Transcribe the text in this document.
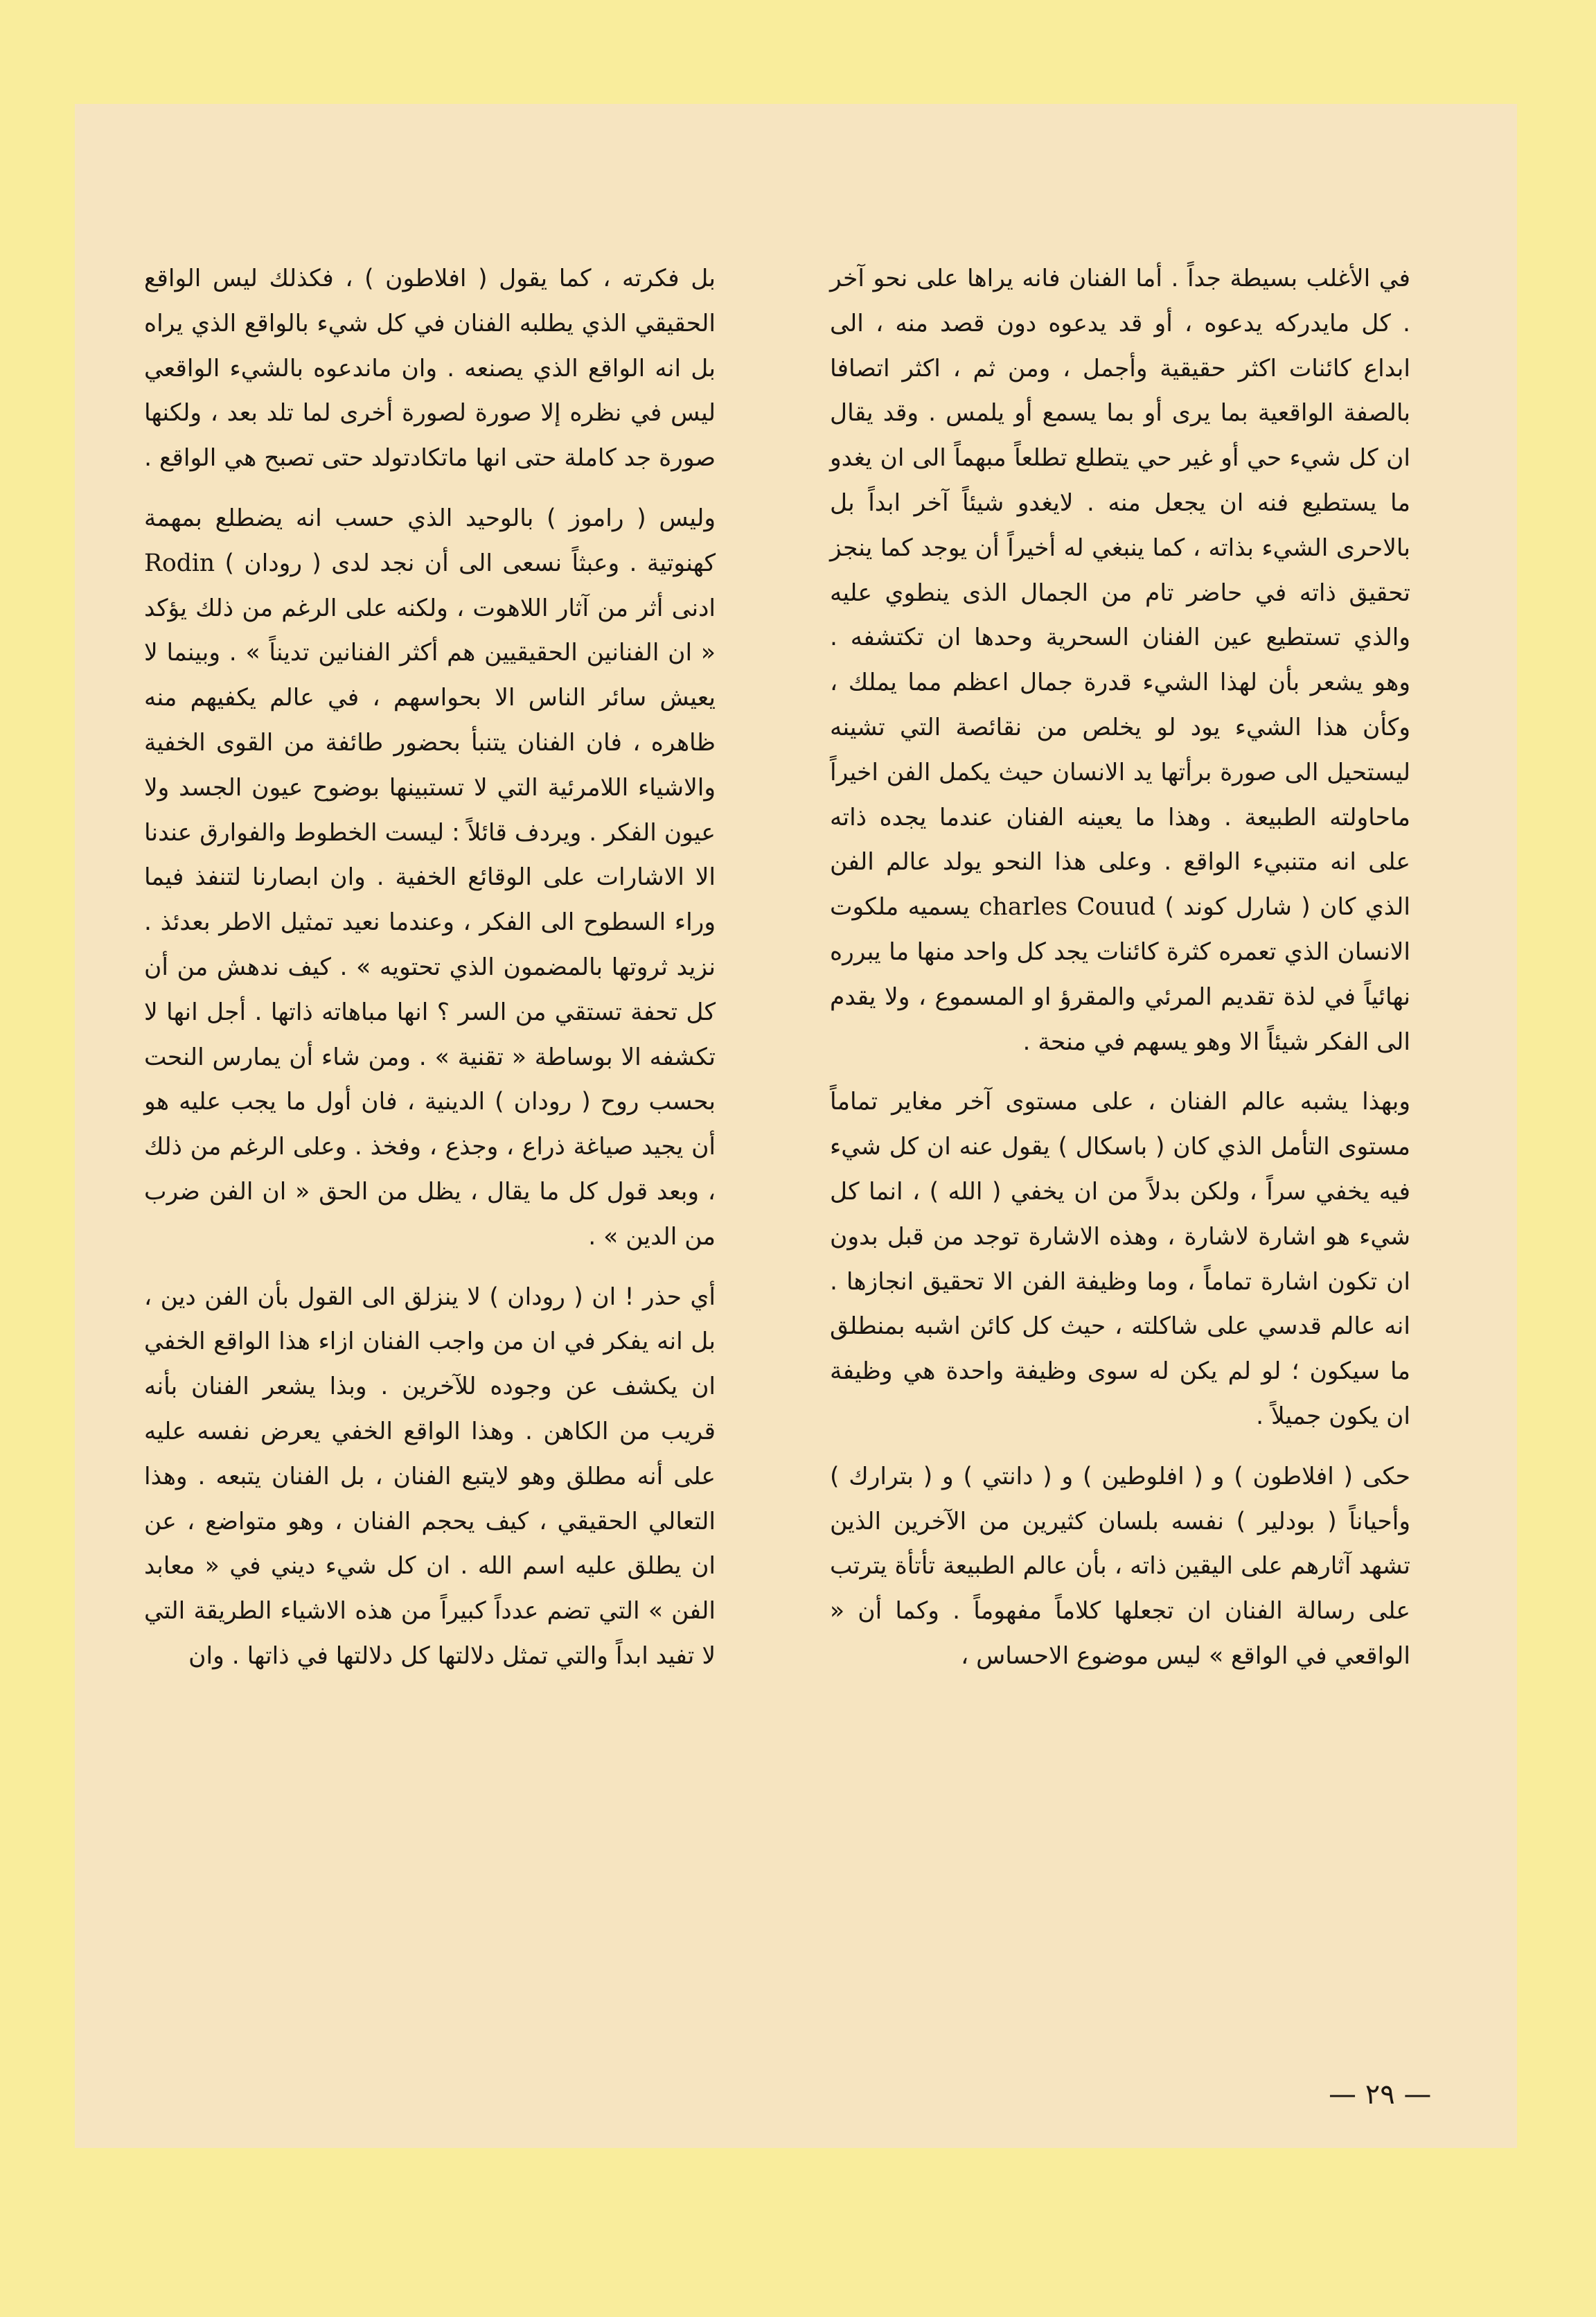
في الأغلب بسيطة جداً . أما الفنان فانه يراها على نحو آخر . كل مايدركه يدعوه ، أو قد يدعوه دون قصد منه ، الى ابداع كائنات اكثر حقيقية وأجمل ، ومن ثم ، اكثر اتصافا بالصفة الواقعية بما يرى أو بما يسمع أو يلمس . وقد يقال ان كل شيء حي أو غير حي يتطلع تطلعاً مبهماً الى ان يغدو ما يستطيع فنه ان يجعل منه . لايغدو شيئاً آخر ابداً بل بالاحرى الشيء بذاته ، كما ينبغي له أخيراً أن يوجد كما ينجز تحقيق ذاته في حاضر تام من الجمال الذى ينطوي عليه والذي تستطيع عين الفنان السحرية وحدها ان تكتشفه . وهو يشعر بأن لهذا الشيء قدرة جمال اعظم مما يملك ، وكأن هذا الشيء يود لو يخلص من نقائصة التي تشينه ليستحيل الى صورة برأتها يد الانسان حيث يكمل الفن اخيراً ماحاولته الطبيعة . وهذا ما يعينه الفنان عندما يجده ذاته على انه متنبيء الواقع . وعلى هذا النحو يولد عالم الفن الذي كان ( شارل كوند ) charles Couud يسميه ملكوت الانسان الذي تعمره كثرة كائنات يجد كل واحد منها ما يبرره نهائياً في لذة تقديم المرئي والمقرؤ او المسموع ، ولا يقدم الى الفكر شيئاً الا وهو يسهم في منحة .

وبهذا يشبه عالم الفنان ، على مستوى آخر مغاير تماماً مستوى التأمل الذي كان ( باسكال ) يقول عنه ان كل شيء فيه يخفي سراً ، ولكن بدلاً من ان يخفي ( الله ) ، انما كل شيء هو اشارة لاشارة ، وهذه الاشارة توجد من قبل بدون ان تكون اشارة تماماً ، وما وظيفة الفن الا تحقيق انجازها . انه عالم قدسي على شاكلته ، حيث كل كائن اشبه بمنطلق ما سيكون ؛ لو لم يكن له سوى وظيفة واحدة هي وظيفة ان يكون جميلاً .

حكى ( افلاطون ) و ( افلوطين ) و ( دانتي ) و ( بترارك ) وأحياناً ( بودلير ) نفسه بلسان كثيرين من الآخرين الذين تشهد آثارهم على اليقين ذاته ، بأن عالم الطبيعة تأتأة يترتب على رسالة الفنان ان تجعلها كلاماً مفهوماً . وكما أن « الواقعي في الواقع » ليس موضوع الاحساس ،

بل فكرته ، كما يقول ( افلاطون ) ، فكذلك ليس الواقع الحقيقي الذي يطلبه الفنان في كل شيء بالواقع الذي يراه بل انه الواقع الذي يصنعه . وان ماندعوه بالشيء الواقعي ليس في نظره إلا صورة لصورة أخرى لما تلد بعد ، ولكنها صورة جد كاملة حتى انها ماتكادتولد حتى تصبح هي الواقع .

وليس ( راموز ) بالوحيد الذي حسب انه يضطلع بمهمة كهنوتية . وعبثاً نسعى الى أن نجد لدى ( رودان ) Rodin ادنى أثر من آثار اللاهوت ، ولكنه على الرغم من ذلك يؤكد « ان الفنانين الحقيقيين هم أكثر الفنانين تديناً » . وبينما لا يعيش سائر الناس الا بحواسهم ، في عالم يكفيهم منه ظاهره ، فان الفنان يتنبأ بحضور طائفة من القوى الخفية والاشياء اللامرئية التي لا تستبينها بوضوح عيون الجسد ولا عيون الفكر . ويردف قائلاً : ليست الخطوط والفوارق عندنا الا الاشارات على الوقائع الخفية . وان ابصارنا لتنفذ فيما وراء السطوح الى الفكر ، وعندما نعيد تمثيل الاطر بعدئذ . نزيد ثروتها بالمضمون الذي تحتويه » . كيف ندهش من أن كل تحفة تستقي من السر ؟ انها مباهاته ذاتها . أجل انها لا تكشفه الا بوساطة « تقنية » . ومن شاء أن يمارس النحت بحسب روح ( رودان ) الدينية ، فان أول ما يجب عليه هو أن يجيد صياغة ذراع ، وجذع ، وفخذ . وعلى الرغم من ذلك ، وبعد قول كل ما يقال ، يظل من الحق « ان الفن ضرب من الدين » .

أي حذر ! ان ( رودان ) لا ينزلق الى القول بأن الفن دين ، بل انه يفكر في ان من واجب الفنان ازاء هذا الواقع الخفي ان يكشف عن وجوده للآخرين . وبذا يشعر الفنان بأنه قريب من الكاهن . وهذا الواقع الخفي يعرض نفسه عليه على أنه مطلق وهو لايتبع الفنان ، بل الفنان يتبعه . وهذا التعالي الحقيقي ، كيف يحجم الفنان ، وهو متواضع ، عن ان يطلق عليه اسم الله . ان كل شيء ديني في « معابد الفن » التي تضم عدداً كبيراً من هذه الاشياء الطريقة التي لا تفيد ابداً والتي تمثل دلالتها كل دلالتها في ذاتها . وان

— ٢٩ —
